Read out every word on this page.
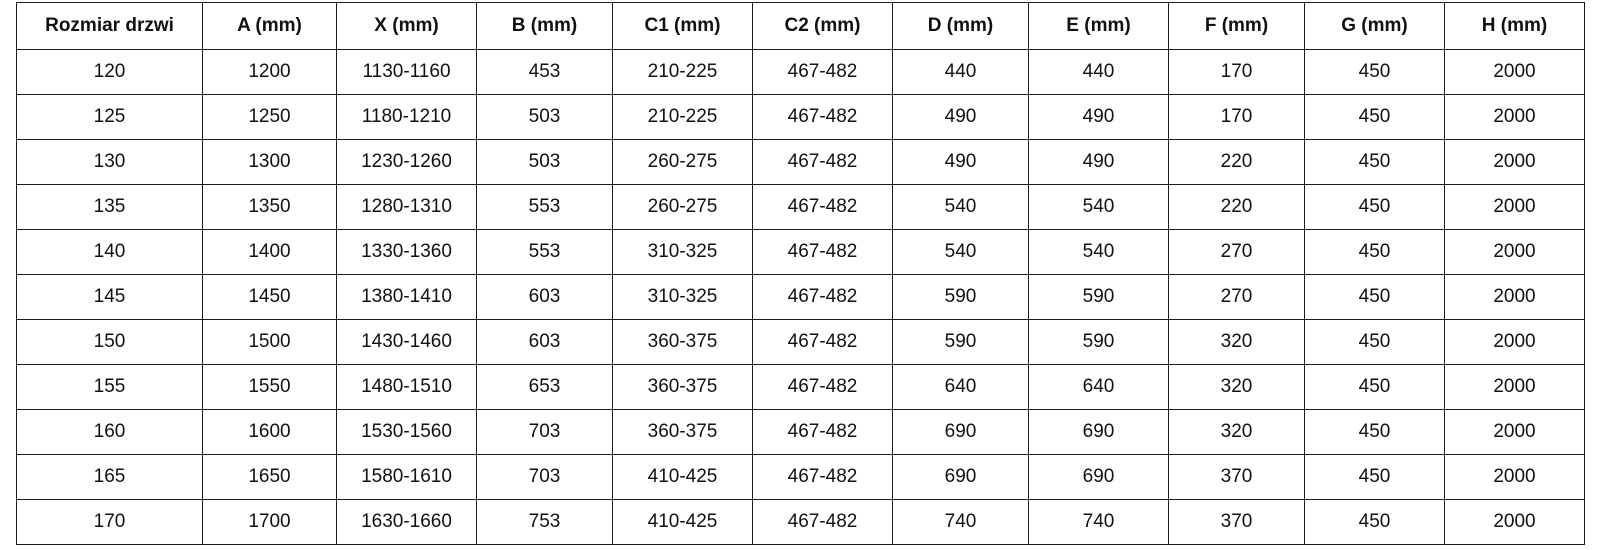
Rozmiar drzwi	A (mm)	X (mm)	B (mm)	C1 (mm)	C2 (mm)	D (mm)	E (mm)	F (mm)	G (mm)	H (mm)
120	1200	1130-1160	453	210-225	467-482	440	440	170	450	2000
125	1250	1180-1210	503	210-225	467-482	490	490	170	450	2000
130	1300	1230-1260	503	260-275	467-482	490	490	220	450	2000
135	1350	1280-1310	553	260-275	467-482	540	540	220	450	2000
140	1400	1330-1360	553	310-325	467-482	540	540	270	450	2000
145	1450	1380-1410	603	310-325	467-482	590	590	270	450	2000
150	1500	1430-1460	603	360-375	467-482	590	590	320	450	2000
155	1550	1480-1510	653	360-375	467-482	640	640	320	450	2000
160	1600	1530-1560	703	360-375	467-482	690	690	320	450	2000
165	1650	1580-1610	703	410-425	467-482	690	690	370	450	2000
170	1700	1630-1660	753	410-425	467-482	740	740	370	450	2000
